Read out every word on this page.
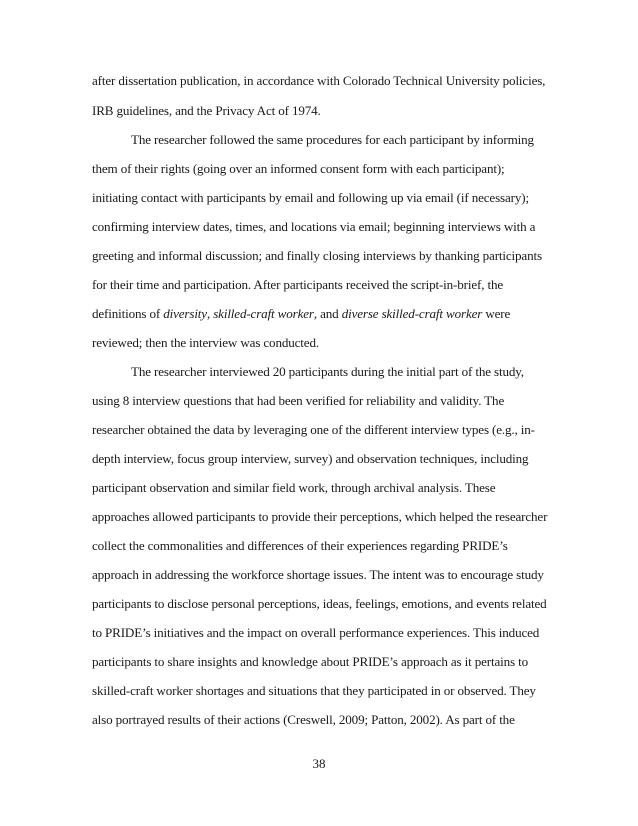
after dissertation publication, in accordance with Colorado Technical University policies,
IRB guidelines, and the Privacy Act of 1974.
The researcher followed the same procedures for each participant by informing
them of their rights (going over an informed consent form with each participant);
initiating contact with participants by email and following up via email (if necessary);
confirming interview dates, times, and locations via email; beginning interviews with a
greeting and informal discussion; and finally closing interviews by thanking participants
for their time and participation. After participants received the script-in-brief, the
definitions of diversity, skilled-craft worker, and diverse skilled-craft worker were
reviewed; then the interview was conducted.
The researcher interviewed 20 participants during the initial part of the study,
using 8 interview questions that had been verified for reliability and validity. The
researcher obtained the data by leveraging one of the different interview types (e.g., in-
depth interview, focus group interview, survey) and observation techniques, including
participant observation and similar field work, through archival analysis. These
approaches allowed participants to provide their perceptions, which helped the researcher
collect the commonalities and differences of their experiences regarding PRIDE’s
approach in addressing the workforce shortage issues. The intent was to encourage study
participants to disclose personal perceptions, ideas, feelings, emotions, and events related
to PRIDE’s initiatives and the impact on overall performance experiences. This induced
participants to share insights and knowledge about PRIDE’s approach as it pertains to
skilled-craft worker shortages and situations that they participated in or observed. They
also portrayed results of their actions (Creswell, 2009; Patton, 2002). As part of the
38
